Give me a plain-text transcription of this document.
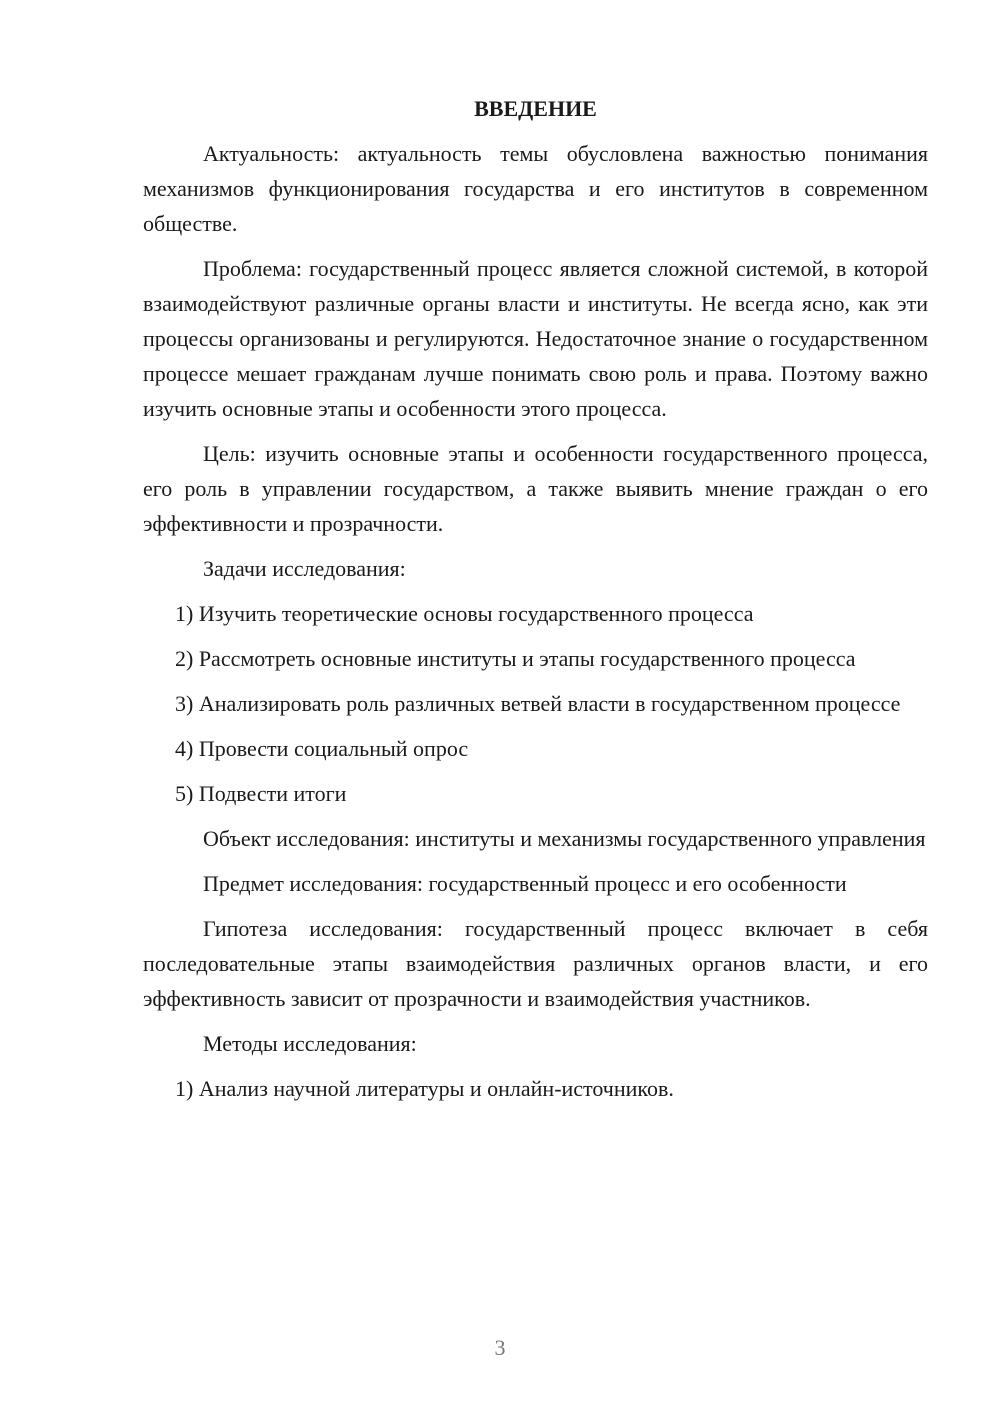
ВВЕДЕНИЕ
Актуальность: актуальность темы обусловлена важностью понимания механизмов функционирования государства и его институтов в современном обществе.
Проблема: государственный процесс является сложной системой, в которой взаимодействуют различные органы власти и институты. Не всегда ясно, как эти процессы организованы и регулируются. Недостаточное знание о государственном процессе мешает гражданам лучше понимать свою роль и права. Поэтому важно изучить основные этапы и особенности этого процесса.
Цель: изучить основные этапы и особенности государственного процесса, его роль в управлении государством, а также выявить мнение граждан о его эффективности и прозрачности.
Задачи исследования:
1) Изучить теоретические основы государственного процесса
2) Рассмотреть основные институты и этапы государственного процесса
3) Анализировать роль различных ветвей власти в государственном процессе
4) Провести социальный опрос
5) Подвести итоги
Объект исследования: институты и механизмы государственного управления
Предмет исследования: государственный процесс и его особенности
Гипотеза исследования: государственный процесс включает в себя последовательные этапы взаимодействия различных органов власти, и его эффективность зависит от прозрачности и взаимодействия участников.
Методы исследования:
1) Анализ научной литературы и онлайн-источников.
3
